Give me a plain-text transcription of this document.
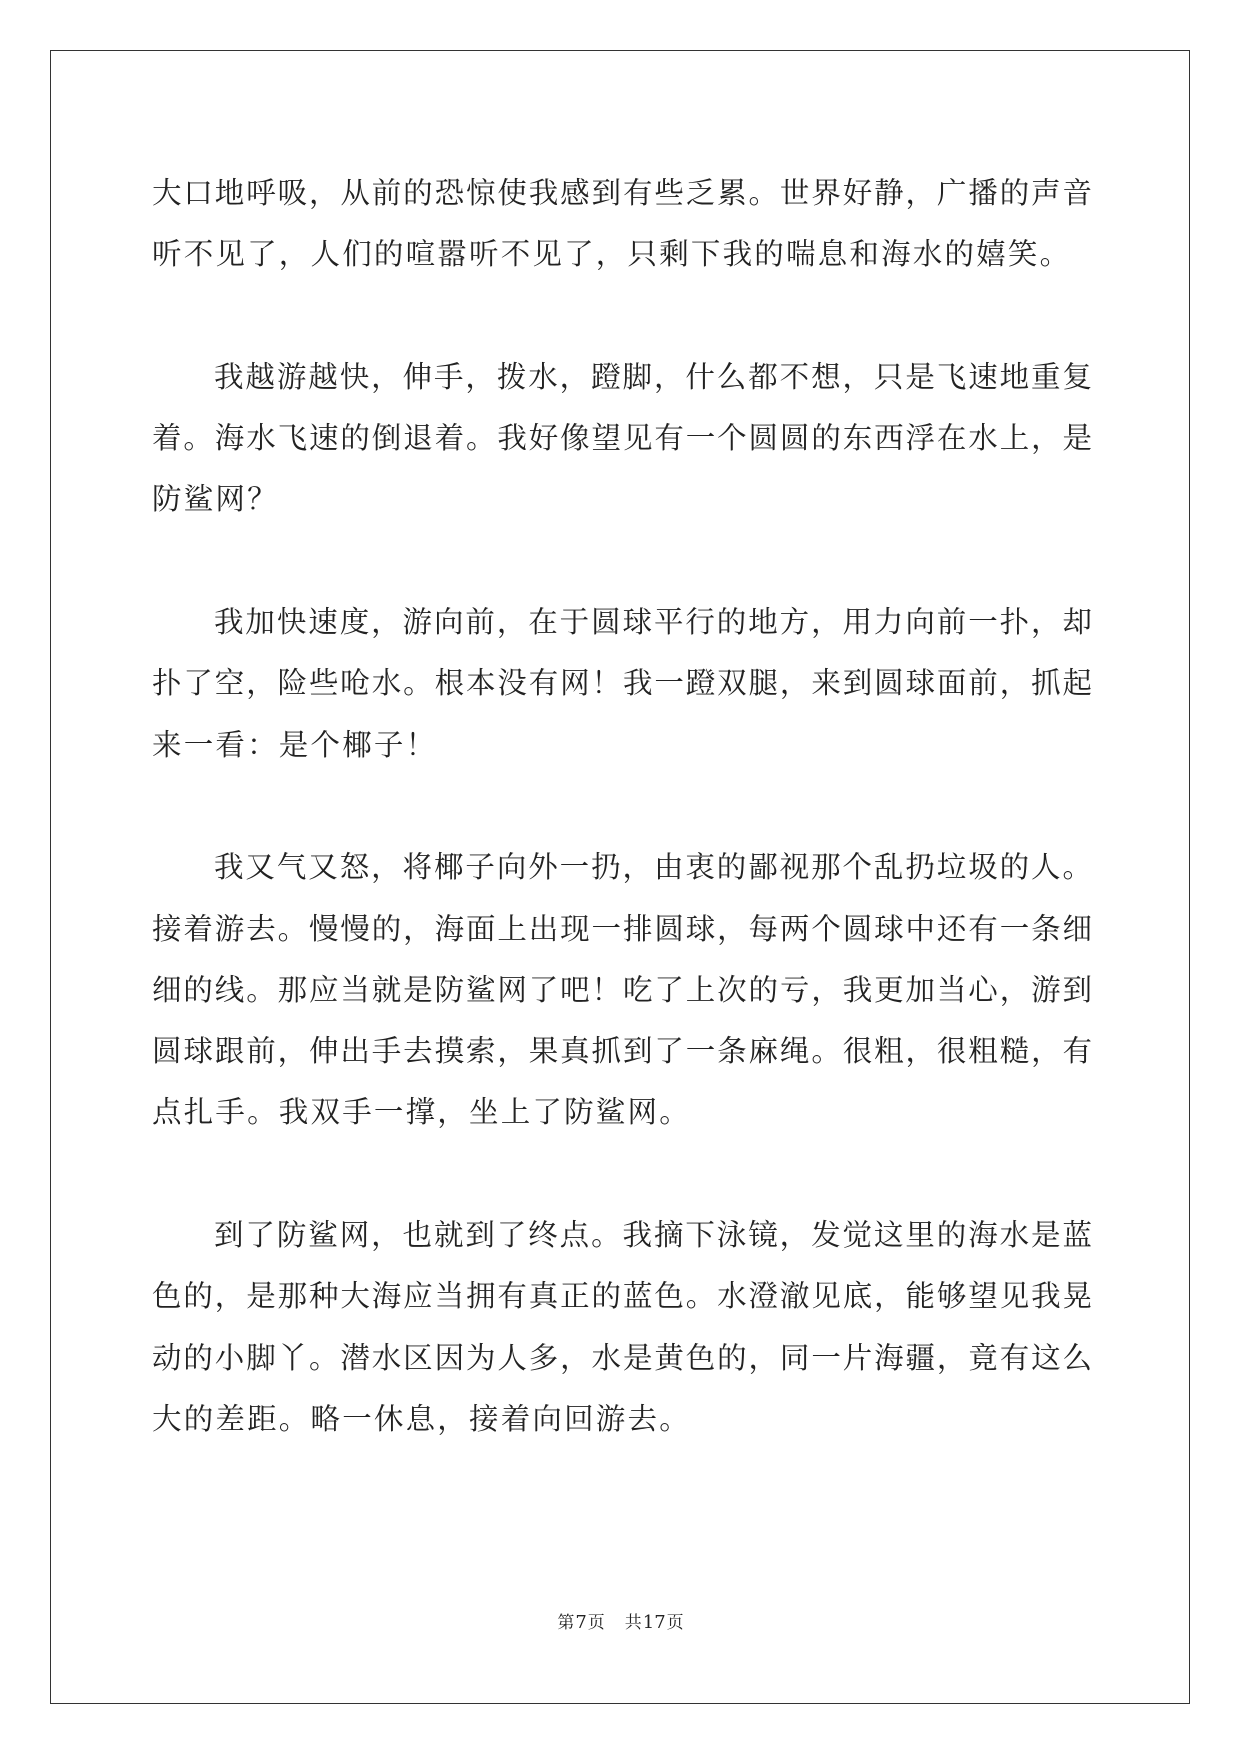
大口地呼吸，从前的恐惊使我感到有些乏累。世界好静，广播的声音
听不见了，人们的喧嚣听不见了，只剩下我的喘息和海水的嬉笑。
我越游越快，伸手，拨水，蹬脚，什么都不想，只是飞速地重复
着。海水飞速的倒退着。我好像望见有一个圆圆的东西浮在水上，是
防鲨网？
我加快速度，游向前，在于圆球平行的地方，用力向前一扑，却
扑了空，险些呛水。根本没有网！我一蹬双腿，来到圆球面前，抓起
来一看：是个椰子！
我又气又怒，将椰子向外一扔，由衷的鄙视那个乱扔垃圾的人。
接着游去。慢慢的，海面上出现一排圆球，每两个圆球中还有一条细
细的线。那应当就是防鲨网了吧！吃了上次的亏，我更加当心，游到
圆球跟前，伸出手去摸索，果真抓到了一条麻绳。很粗，很粗糙，有
点扎手。我双手一撑，坐上了防鲨网。
到了防鲨网，也就到了终点。我摘下泳镜，发觉这里的海水是蓝
色的，是那种大海应当拥有真正的蓝色。水澄澈见底，能够望见我晃
动的小脚丫。潜水区因为人多，水是黄色的，同一片海疆，竟有这么
大的差距。略一休息，接着向回游去。
第7页 共17页
